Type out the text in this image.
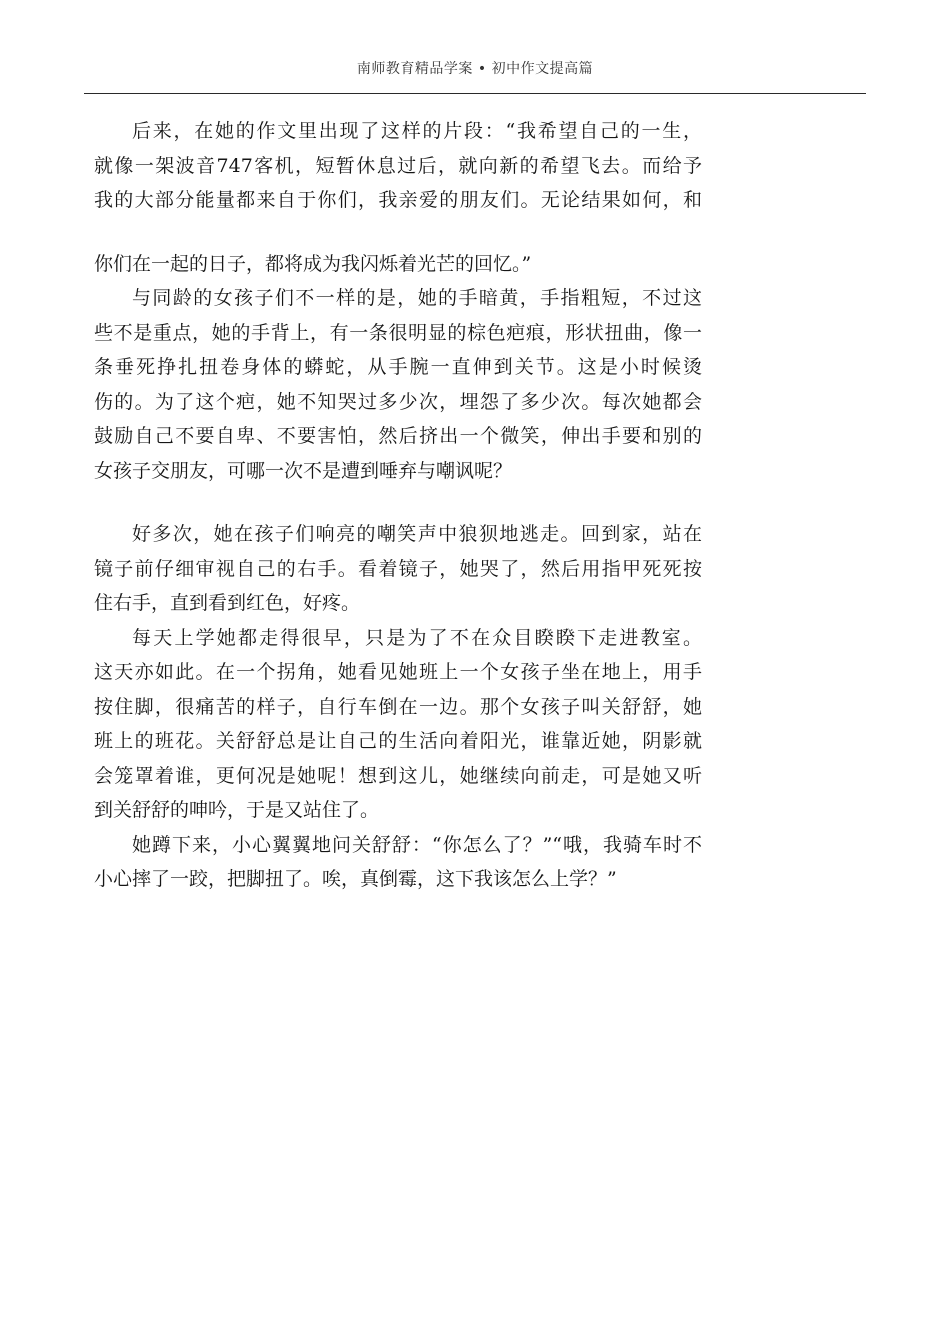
南师教育精品学案 • 初中作文提高篇
后来，在她的作文里出现了这样的片段：“我希望自己的一生，
就像一架波音747客机，短暂休息过后，就向新的希望飞去。而给予
我的大部分能量都来自于你们，我亲爱的朋友们。无论结果如何，和
你们在一起的日子，都将成为我闪烁着光芒的回忆。”
与同龄的女孩子们不一样的是，她的手暗黄，手指粗短，不过这
些不是重点，她的手背上，有一条很明显的棕色疤痕，形状扭曲，像一
条垂死挣扎扭卷身体的蟒蛇，从手腕一直伸到关节。这是小时候烫
伤的。为了这个疤，她不知哭过多少次，埋怨了多少次。每次她都会
鼓励自己不要自卑、不要害怕，然后挤出一个微笑，伸出手要和别的
女孩子交朋友，可哪一次不是遭到唾弃与嘲讽呢？
好多次，她在孩子们响亮的嘲笑声中狼狈地逃走。回到家，站在
镜子前仔细审视自己的右手。看着镜子，她哭了，然后用指甲死死按
住右手，直到看到红色，好疼。
每天上学她都走得很早，只是为了不在众目睽睽下走进教室。
这天亦如此。在一个拐角，她看见她班上一个女孩子坐在地上，用手
按住脚，很痛苦的样子，自行车倒在一边。那个女孩子叫关舒舒，她
班上的班花。关舒舒总是让自己的生活向着阳光，谁靠近她，阴影就
会笼罩着谁，更何况是她呢！想到这儿，她继续向前走，可是她又听
到关舒舒的呻吟，于是又站住了。
她蹲下来，小心翼翼地问关舒舒：“你怎么了？”“哦，我骑车时不
小心摔了一跤，把脚扭了。唉，真倒霉，这下我该怎么上学？”
